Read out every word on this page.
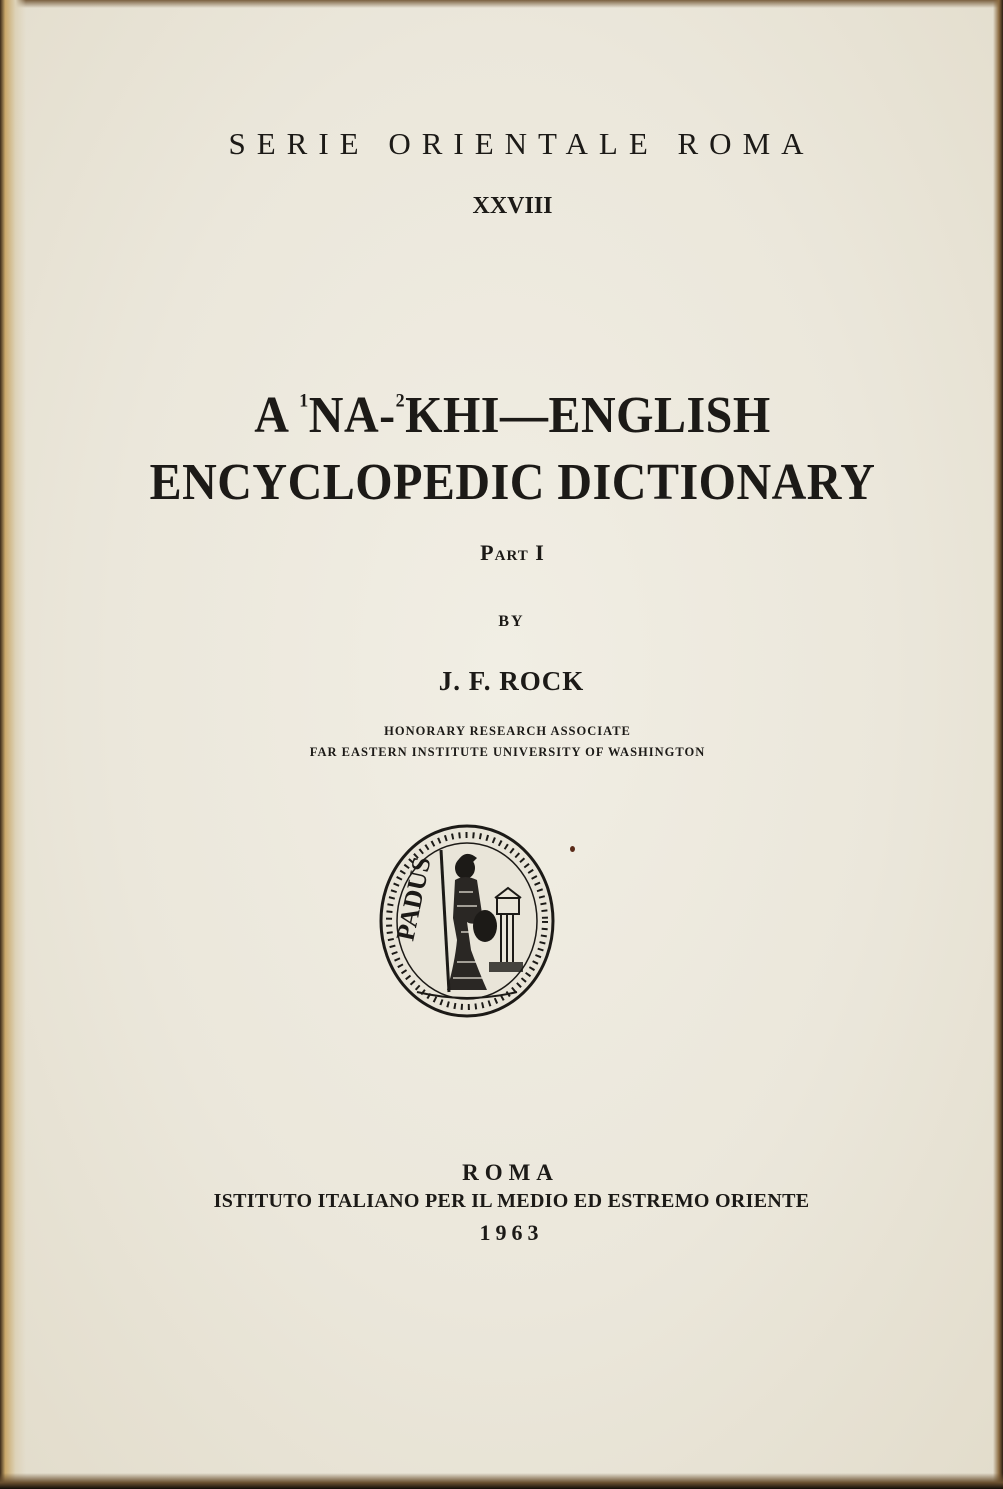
SERIE ORIENTALE ROMA
XXVIII
A $^1$NA-$^2$KHI—ENGLISH
ENCYCLOPEDIC DICTIONARY
Part I
BY
J. F. ROCK
HONORARY RESEARCH ASSOCIATE
FAR EASTERN INSTITUTE UNIVERSITY OF WASHINGTON
PADUS
ROMA
ISTITUTO ITALIANO PER IL MEDIO ED ESTREMO ORIENTE
1963
